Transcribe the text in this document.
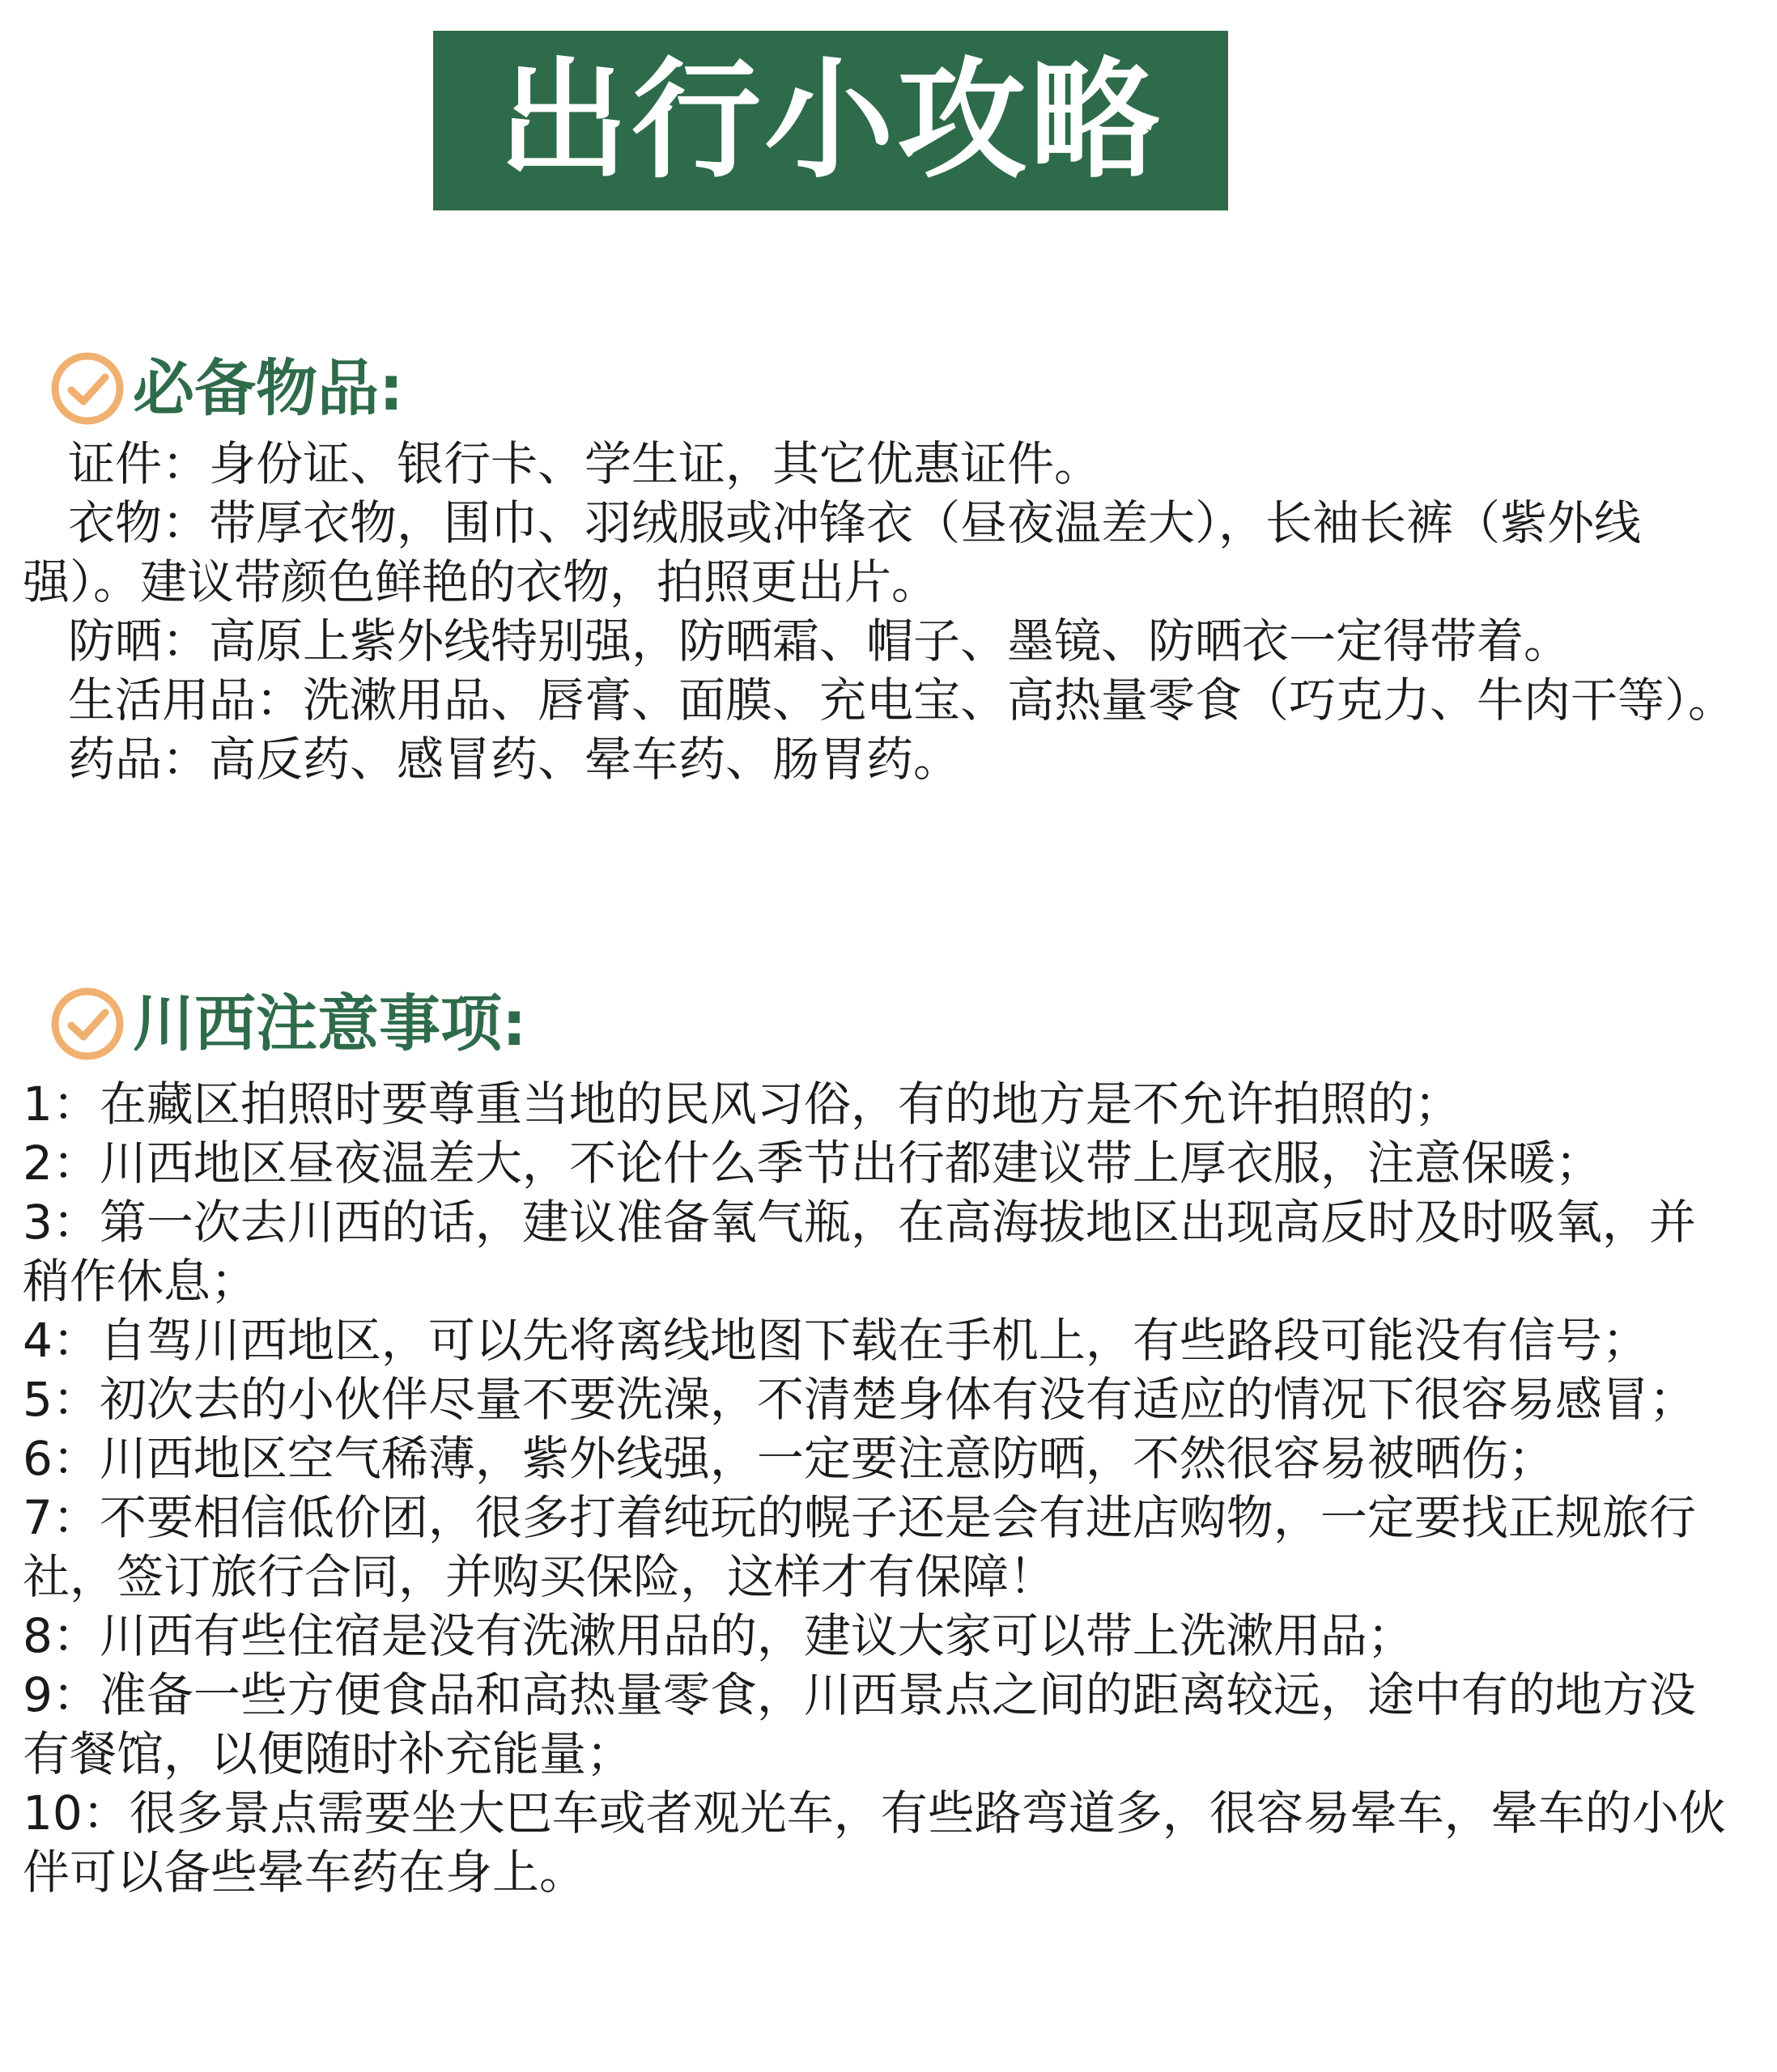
出行小攻略
必备物品:

证件：身份证、银行卡、学生证，其它优惠证件。

衣物：带厚衣物，围巾、羽绒服或冲锋衣（昼夜温差大），长袖长裤（紫外线强）。建议带颜色鲜艳的衣物，拍照更出片。

防晒：高原上紫外线特别强，防晒霜、帽子、墨镜、防晒衣一定得带着。

生活用品：洗漱用品、唇膏、面膜、充电宝、高热量零食（巧克力、牛肉干等）。

药品：高反药、感冒药、晕车药、肠胃药。

川西注意事项:

1：在藏区拍照时要尊重当地的民风习俗，有的地方是不允许拍照的；

2：川西地区昼夜温差大，不论什么季节出行都建议带上厚衣服，注意保暖；

3：第一次去川西的话，建议准备氧气瓶，在高海拔地区出现高反时及时吸氧，并稍作休息；

4：自驾川西地区，可以先将离线地图下载在手机上，有些路段可能没有信号；

5：初次去的小伙伴尽量不要洗澡，不清楚身体有没有适应的情况下很容易感冒；

6：川西地区空气稀薄，紫外线强，一定要注意防晒，不然很容易被晒伤；

7：不要相信低价团，很多打着纯玩的幌子还是会有进店购物，一定要找正规旅行社，签订旅行合同，并购买保险，这样才有保障！

8：川西有些住宿是没有洗漱用品的，建议大家可以带上洗漱用品；

9：准备一些方便食品和高热量零食，川西景点之间的距离较远，途中有的地方没有餐馆，以便随时补充能量；

10：很多景点需要坐大巴车或者观光车，有些路弯道多，很容易晕车，晕车的小伙伴可以备些晕车药在身上。
